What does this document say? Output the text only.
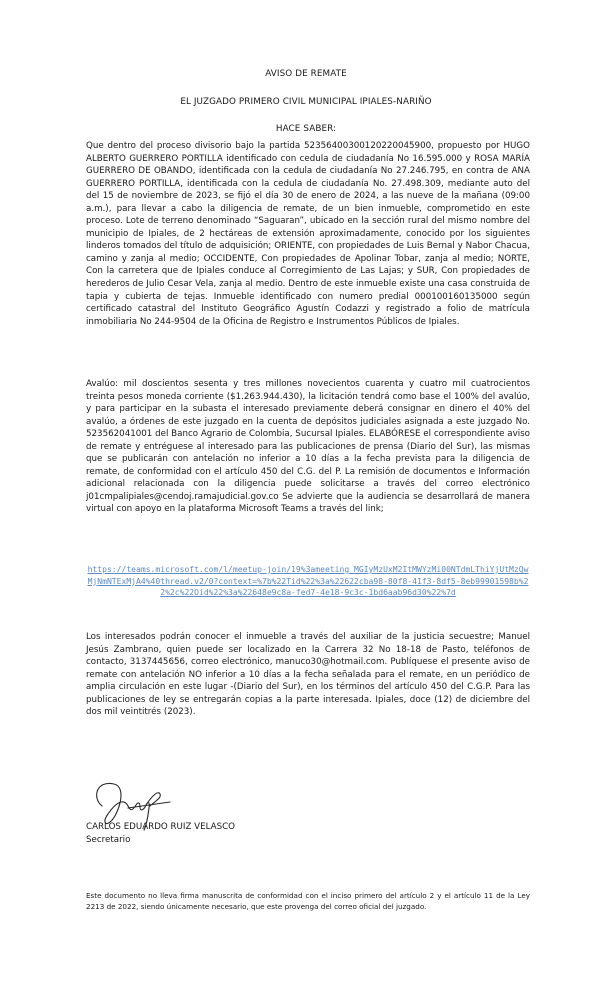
AVISO DE REMATE
EL JUZGADO PRIMERO CIVIL MUNICIPAL IPIALES-NARIÑO
HACE SABER:

Que dentro del proceso divisorio bajo la partida 52356400300120220045900, propuesto por HUGO ALBERTO GUERRERO PORTILLA identificado con cedula de ciudadanía No 16.595.000 y ROSA MARÍA GUERRERO DE OBANDO, identificada con la cedula de ciudadanía No 27.246.795, en contra de ANA GUERRERO PORTILLA, identificada con la cedula de ciudadanía No. 27.498.309, mediante auto del del 15 de noviembre de 2023, se fijó el día 30 de enero de 2024, a las nueve de la mañana (09:00 a.m.), para llevar a cabo la diligencia de remate, de un bien inmueble, comprometido en este proceso. Lote de terreno denominado “Saguaran”, ubicado en la sección rural del mismo nombre del municipio de Ipiales, de 2 hectáreas de extensión aproximadamente, conocido por los siguientes linderos tomados del título de adquisición; ORIENTE, con propiedades de Luis Bernal y Nabor Chacua, camino y zanja al medio; OCCIDENTE, Con propiedades de Apolinar Tobar, zanja al medio; NORTE, Con la carretera que de Ipiales conduce al Corregimiento de Las Lajas; y SUR, Con propiedades de herederos de Julio Cesar Vela, zanja al medio. Dentro de este inmueble existe una casa construida de tapia y cubierta de tejas. Inmueble identificado con numero predial 000100160135000 según certificado catastral del Instituto Geográfico Agustín Codazzi y registrado a folio de matrícula inmobiliaria No 244-9504 de la Oficina de Registro e Instrumentos Públicos de Ipiales.

Avalúo: mil doscientos sesenta y tres millones novecientos cuarenta y cuatro mil cuatrocientos treinta pesos moneda corriente ($1.263.944.430), la licitación tendrá como base el 100% del avalúo, y para participar en la subasta el interesado previamente deberá consignar en dinero el 40% del avalúo, a órdenes de este juzgado en la cuenta de depósitos judiciales asignada a este juzgado No. 523562041001 del Banco Agrario de Colombia, Sucursal Ipiales. ELABÓRESE el correspondiente aviso de remate y entréguese al interesado para las publicaciones de prensa (Diario del Sur), las mismas que se publicarán con antelación no inferior a 10 días a la fecha prevista para la diligencia de remate, de conformidad con el artículo 450 del C.G. del P. La remisión de documentos e Información adicional relacionada con la diligencia puede solicitarse a través del correo electrónico j01cmpalipiales@cendoj.ramajudicial.gov.co Se advierte que la audiencia se desarrollará de manera virtual con apoyo en la plataforma Microsoft Teams a través del link;

https://teams.microsoft.com/l/meetup-join/19%3ameeting_MGIyMzUxM2ItMWYzMi00NTdmLThiYjUtMzQwMjNmNTExMjA4%40thread.v2/0?context=%7b%22Tid%22%3a%22622cba98-80f8-41f3-8df5-8eb99901598b%22%2c%22Oid%22%3a%22648e9c8a-fed7-4e18-9c3c-1bd6aab96d30%22%7d

Los interesados podrán conocer el inmueble a través del auxiliar de la justicia secuestre; Manuel Jesús Zambrano, quien puede ser localizado en la Carrera 32 No 18-18 de Pasto, teléfonos de contacto, 3137445656, correo electrónico, manuco30@hotmail.com. Publíquese el presente aviso de remate con antelación NO inferior a 10 días a la fecha señalada para el remate, en un periódico de amplia circulación en este lugar -(Diario del Sur), en los términos del artículo 450 del C.G.P. Para las publicaciones de ley se entregarán copias a la parte interesada. Ipiales, doce (12) de diciembre del dos mil veintitrés (2023).

CARLOS EDUARDO RUIZ VELASCO
Secretario

Este documento no lleva firma manuscrita de conformidad con el inciso primero del artículo 2 y el artículo 11 de la Ley 2213 de 2022, siendo únicamente necesario, que este provenga del correo oficial del juzgado.
